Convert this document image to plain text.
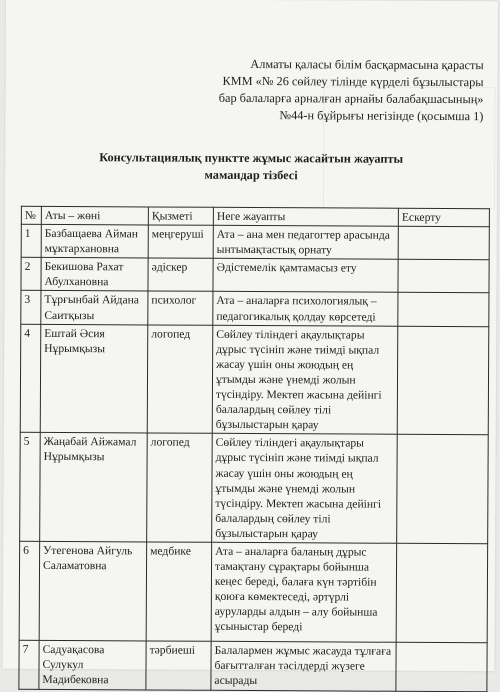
Алматы қаласы білім басқармасына қарасты
КММ «№ 26 сөйлеу тілінде күрделі бұзылыстары
бар балаларға арналған арнайы балабақшасының»
№44-н бұйрығы негізінде (қосымша 1)
Консультациялық пунктте жұмыс жасайтын жауапты
мамандар тізбесі
№	Аты – жөні	Қызметі	Неге жауапты	Ескерту
1	Базбащаева Айман мұктархановна	меңгеруші	Ата – ана мен педагогтер арасында ынтымақтастық орнату	
2	Бекишова Рахат Абулхановна	әдіскер	Әдістемелік қамтамасыз ету	
3	Тұрғынбай Айдана Саитқызы	психолог	Ата – аналарға психологиялық – педагогикалық қолдау көрсетеді	
4	Ештай Әсия Нұрымқызы	логопед	Сөйлеу тіліндегі ақаулықтары дұрыс түсініп және тиімді ықпал жасау үшін оны жоюдың ең ұтымды және үнемді жолын түсіндіру. Мектеп жасына дейінгі балалардың сөйлеу тілі бұзылыстарын қарау	
5	Жаңабай Айжамал Нұрымқызы	логопед	Сөйлеу тіліндегі ақаулықтары дұрыс түсініп және тиімді ықпал жасау үшін оны жоюдың ең ұтымды және үнемді жолын түсіндіру. Мектеп жасына дейінгі балалардың сөйлеу тілі бұзылыстарын қарау	
6	Утегенова Айгуль Саламатовна	медбике	Ата – аналарға баланың дұрыс тамақтану сұрақтары бойынша кеңес береді, балаға күн тәртібін қоюға көмектеседі, әртүрлі ауруларды алдын – алу бойынша ұсыныстар береді	
7	Садуақасова Сулукул Мадибековна	тәрбиеші	Балалармен жұмыс жасауда тұлғаға бағытталған тәсілдерді жүзеге асырады	
